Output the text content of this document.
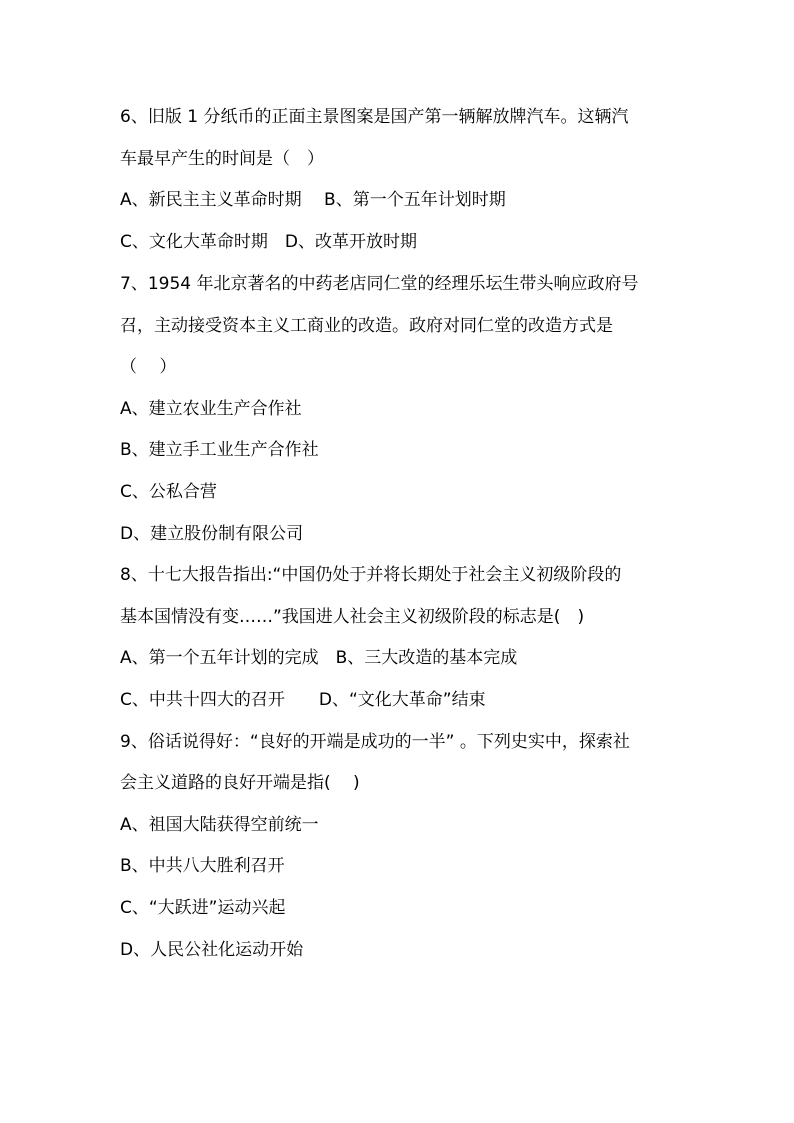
6、旧版 1 分纸币的正面主景图案是国产第一辆解放牌汽车。这辆汽
车最早产生的时间是（　）
A、新民主主义革命时期　 B、第一个五年计划时期
C、文化大革命时期　D、改革开放时期
7、1954 年北京著名的中药老店同仁堂的经理乐坛生带头响应政府号
召，主动接受资本主义工商业的改造。政府对同仁堂的改造方式是
（　 ）
A、建立农业生产合作社
B、建立手工业生产合作社
C、公私合营
D、建立股份制有限公司
8、十七大报告指出:“中国仍处于并将长期处于社会主义初级阶段的
基本国情没有变……”我国进人社会主义初级阶段的标志是(　)
A、第一个五年计划的完成　B、三大改造的基本完成
C、中共十四大的召开　　D、“文化大革命”结束
9、俗话说得好：“良好的开端是成功的一半” 。下列史实中，探索社
会主义道路的良好开端是指(　 )
A、祖国大陆获得空前统一
B、中共八大胜利召开
C、“大跃进”运动兴起
D、人民公社化运动开始
